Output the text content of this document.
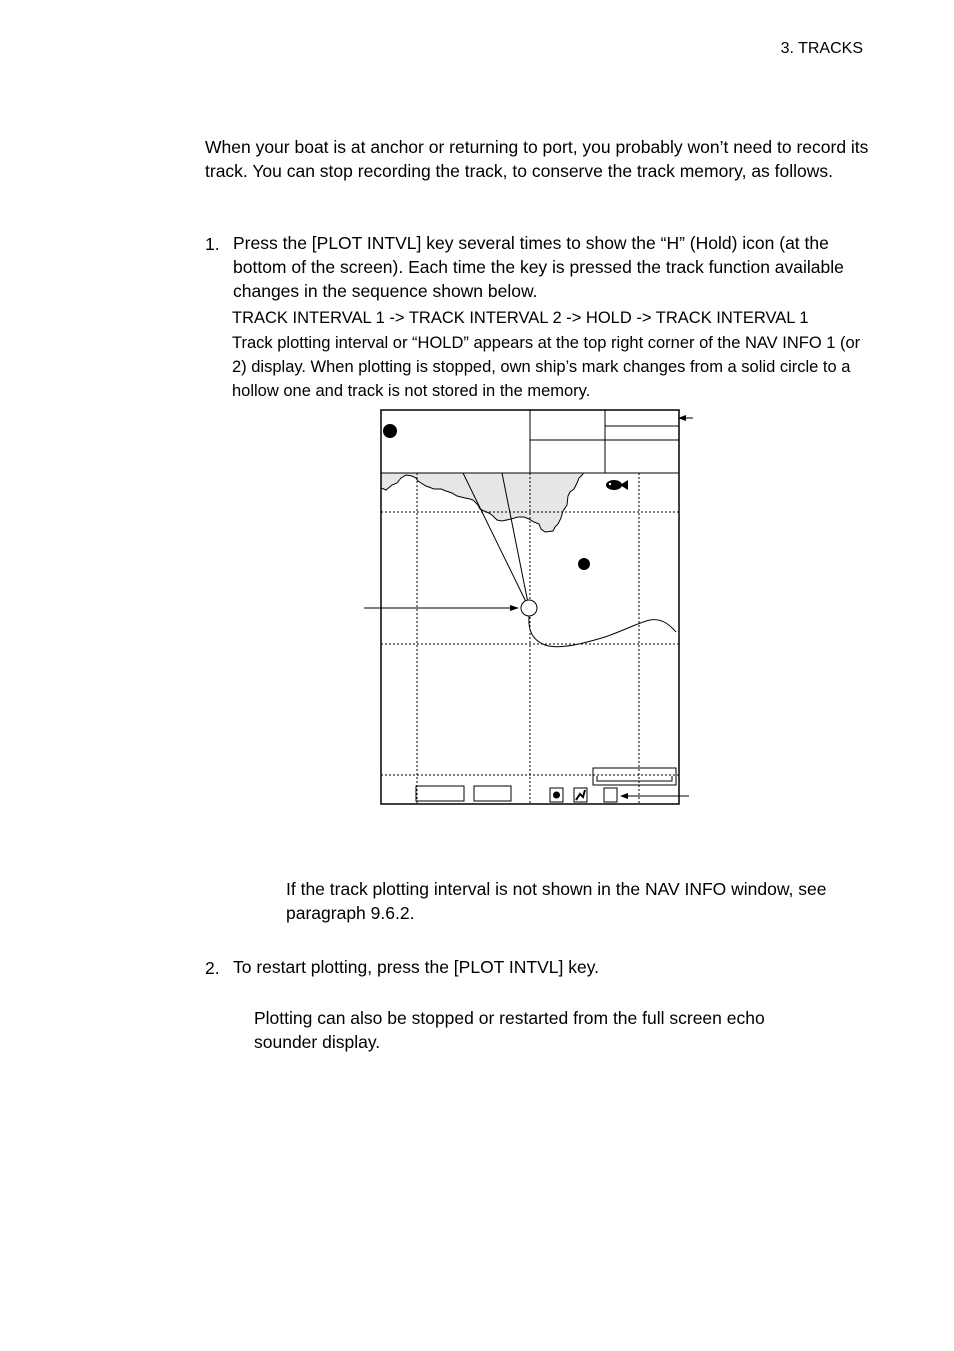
3. TRACKS

When your boat is at anchor or returning to port, you probably won’t need to record its track. You can stop recording the track, to conserve the track memory, as follows.

1. Press the [PLOT INTVL] key several times to show the “H” (Hold) icon (at the bottom of the screen). Each time the key is pressed the track function available changes in the sequence shown below.

TRACK INTERVAL 1 -> TRACK INTERVAL 2 -> HOLD -> TRACK INTERVAL 1

Track plotting interval or “HOLD” appears at the top right corner of the NAV INFO 1 (or 2) display. When plotting is stopped, own ship’s mark changes from a solid circle to a hollow one and track is not stored in the memory.

If the track plotting interval is not shown in the NAV INFO window, see paragraph 9.6.2.

2. To restart plotting, press the [PLOT INTVL] key.

Plotting can also be stopped or restarted from the full screen echo sounder display.
